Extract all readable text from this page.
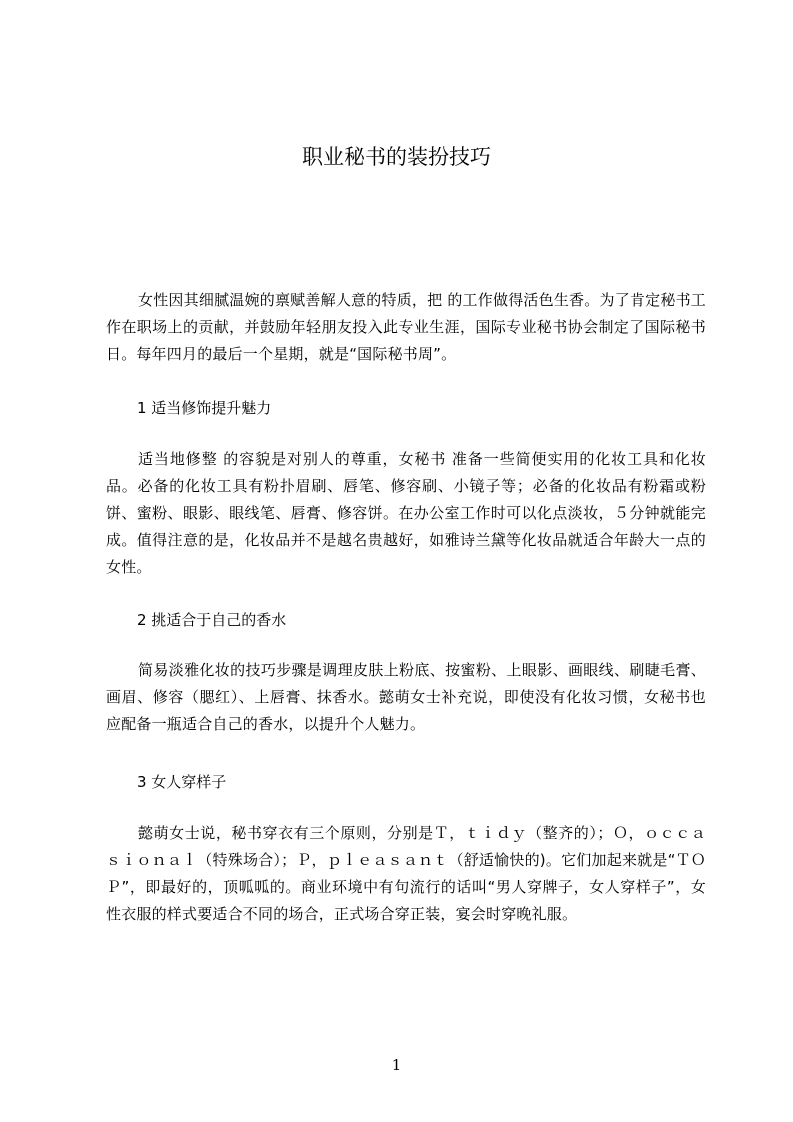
职业秘书的装扮技巧

女性因其细腻温婉的禀赋善解人意的特质，把 的工作做得活色生香。为了肯定秘书工作在职场上的贡献，并鼓励年轻朋友投入此专业生涯，国际专业秘书协会制定了国际秘书日。每年四月的最后一个星期，就是“国际秘书周”。

1 适当修饰提升魅力

适当地修整 的容貌是对别人的尊重，女秘书 准备一些简便实用的化妆工具和化妆品。必备的化妆工具有粉扑眉刷、唇笔、修容刷、小镜子等；必备的化妆品有粉霜或粉饼、蜜粉、眼影、眼线笔、唇膏、修容饼。在办公室工作时可以化点淡妆，５分钟就能完成。值得注意的是，化妆品并不是越名贵越好，如雅诗兰黛等化妆品就适合年龄大一点的女性。

2 挑适合于自己的香水

简易淡雅化妆的技巧步骤是调理皮肤上粉底、按蜜粉、上眼影、画眼线、刷睫毛膏、画眉、修容（腮红）、上唇膏、抹香水。懿萌女士补充说，即使没有化妆习惯，女秘书也应配备一瓶适合自己的香水，以提升个人魅力。

3 女人穿样子

懿萌女士说，秘书穿衣有三个原则，分别是Ｔ，ｔｉｄｙ（整齐的）；Ｏ，ｏｃｃａｓｉｏｎａｌ（特殊场合）；Ｐ，ｐｌｅａｓａｎｔ（舒适愉快的)。它们加起来就是“ＴＯＰ”，即最好的，顶呱呱的。商业环境中有句流行的话叫“男人穿牌子，女人穿样子”，女性衣服的样式要适合不同的场合，正式场合穿正装，宴会时穿晚礼服。

1
